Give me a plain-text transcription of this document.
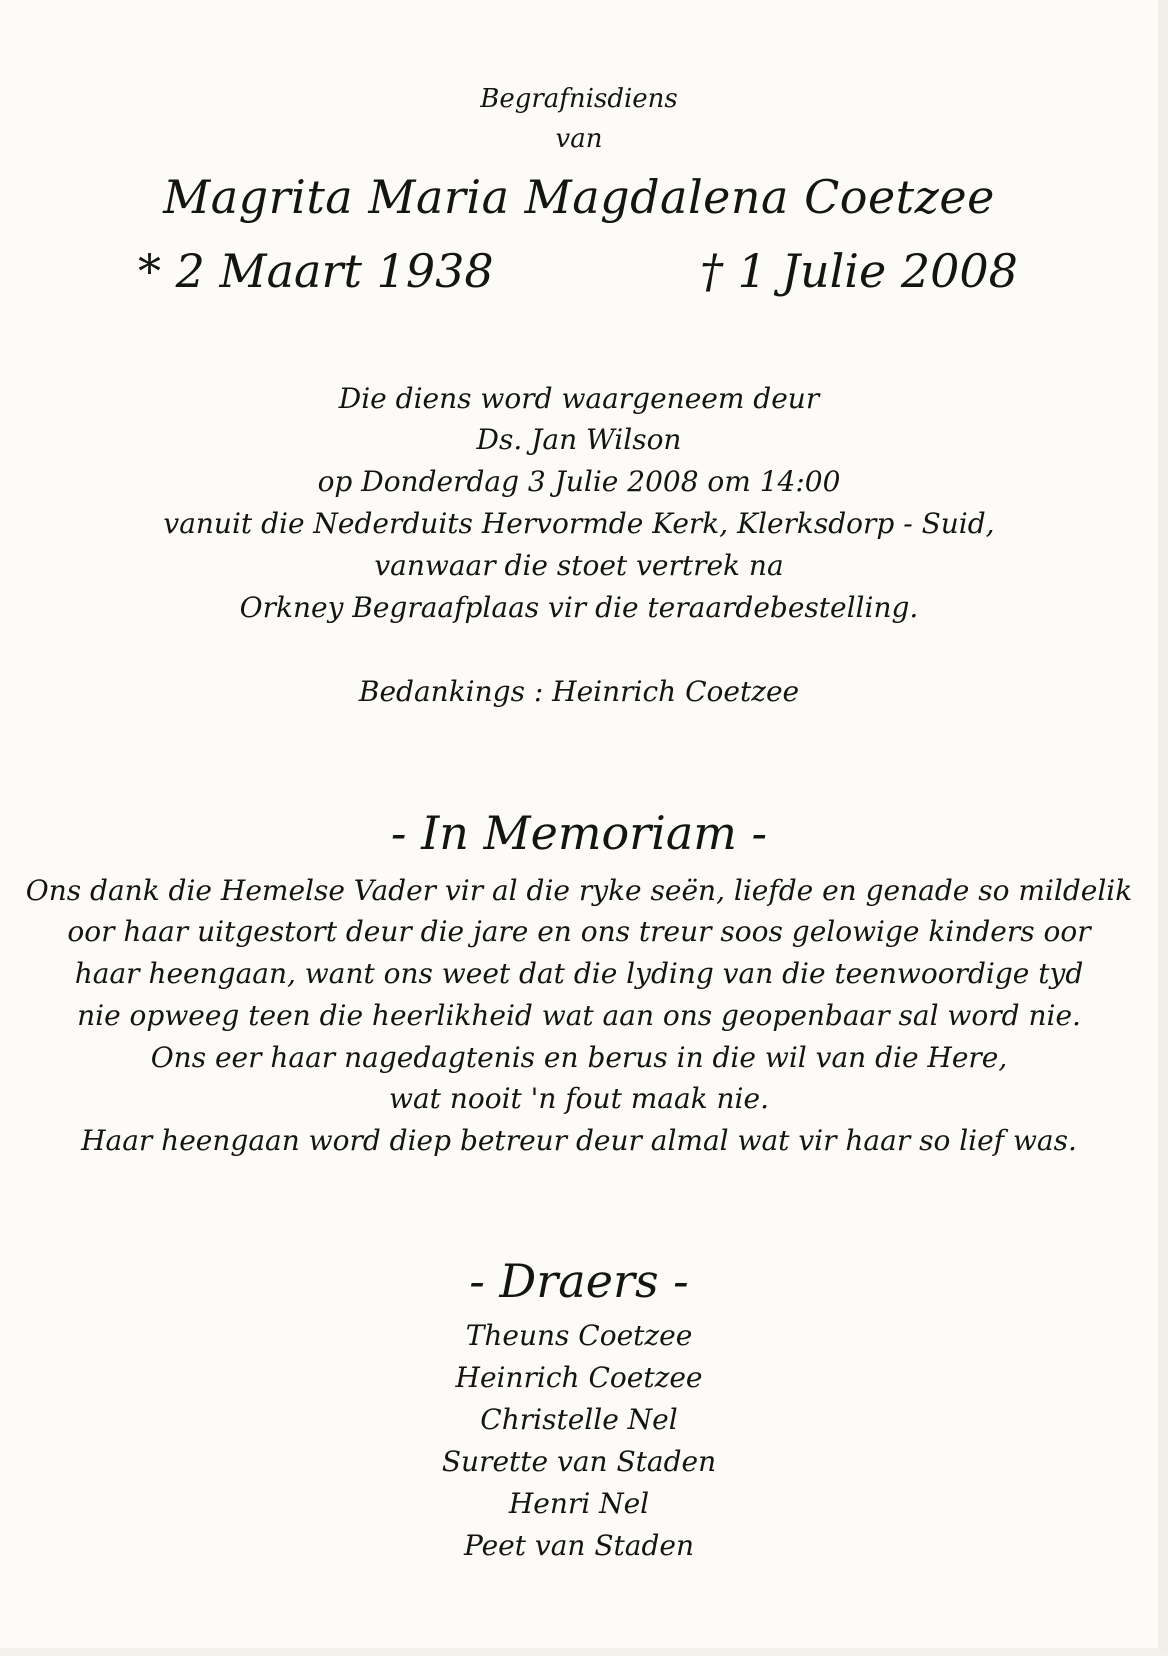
Begrafnisdiens
van
Magrita Maria Magdalena Coetzee
* 2 Maart 1938	† 1 Julie 2008
Die diens word waargeneem deur
Ds. Jan Wilson
op Donderdag 3 Julie 2008 om 14:00
vanuit die Nederduits Hervormde Kerk, Klerksdorp - Suid,
vanwaar die stoet vertrek na
Orkney Begraafplaas vir die teraardebestelling.
Bedankings : Heinrich Coetzee
- In Memoriam -
Ons dank die Hemelse Vader vir al die ryke seën, liefde en genade so mildelik
oor haar uitgestort deur die jare en ons treur soos gelowige kinders oor
haar heengaan, want ons weet dat die lyding van die teenwoordige tyd
nie opweeg teen die heerlikheid wat aan ons geopenbaar sal word nie.
Ons eer haar nagedagtenis en berus in die wil van die Here,
wat nooit 'n fout maak nie.
Haar heengaan word diep betreur deur almal wat vir haar so lief was.
- Draers -
Theuns Coetzee
Heinrich Coetzee
Christelle Nel
Surette van Staden
Henri Nel
Peet van Staden
